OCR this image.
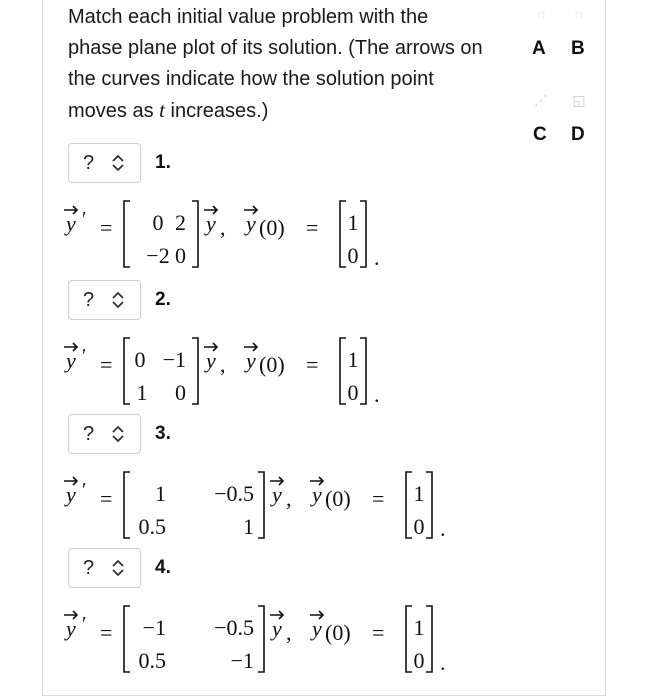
Match each initial value problem with the phase plane plot of its solution. (The arrows on the curves indicate how the solution point moves as t increases.)
◌ ◌
A B
⋰ ◱
C D
?	1.
y ′ = 0 2
−2 0
y , y (0) = 1
0 .
?	2.
y ′ = 0 −1
1 0
y , y (0) = 1
0 .
?	3.
y ′ = 1 −0.5
0.5	1
y , y (0) = 1
0 .
?	4.
y ′ = −1 −0.5
0.5	−1
y , y (0) = 1
0 .
